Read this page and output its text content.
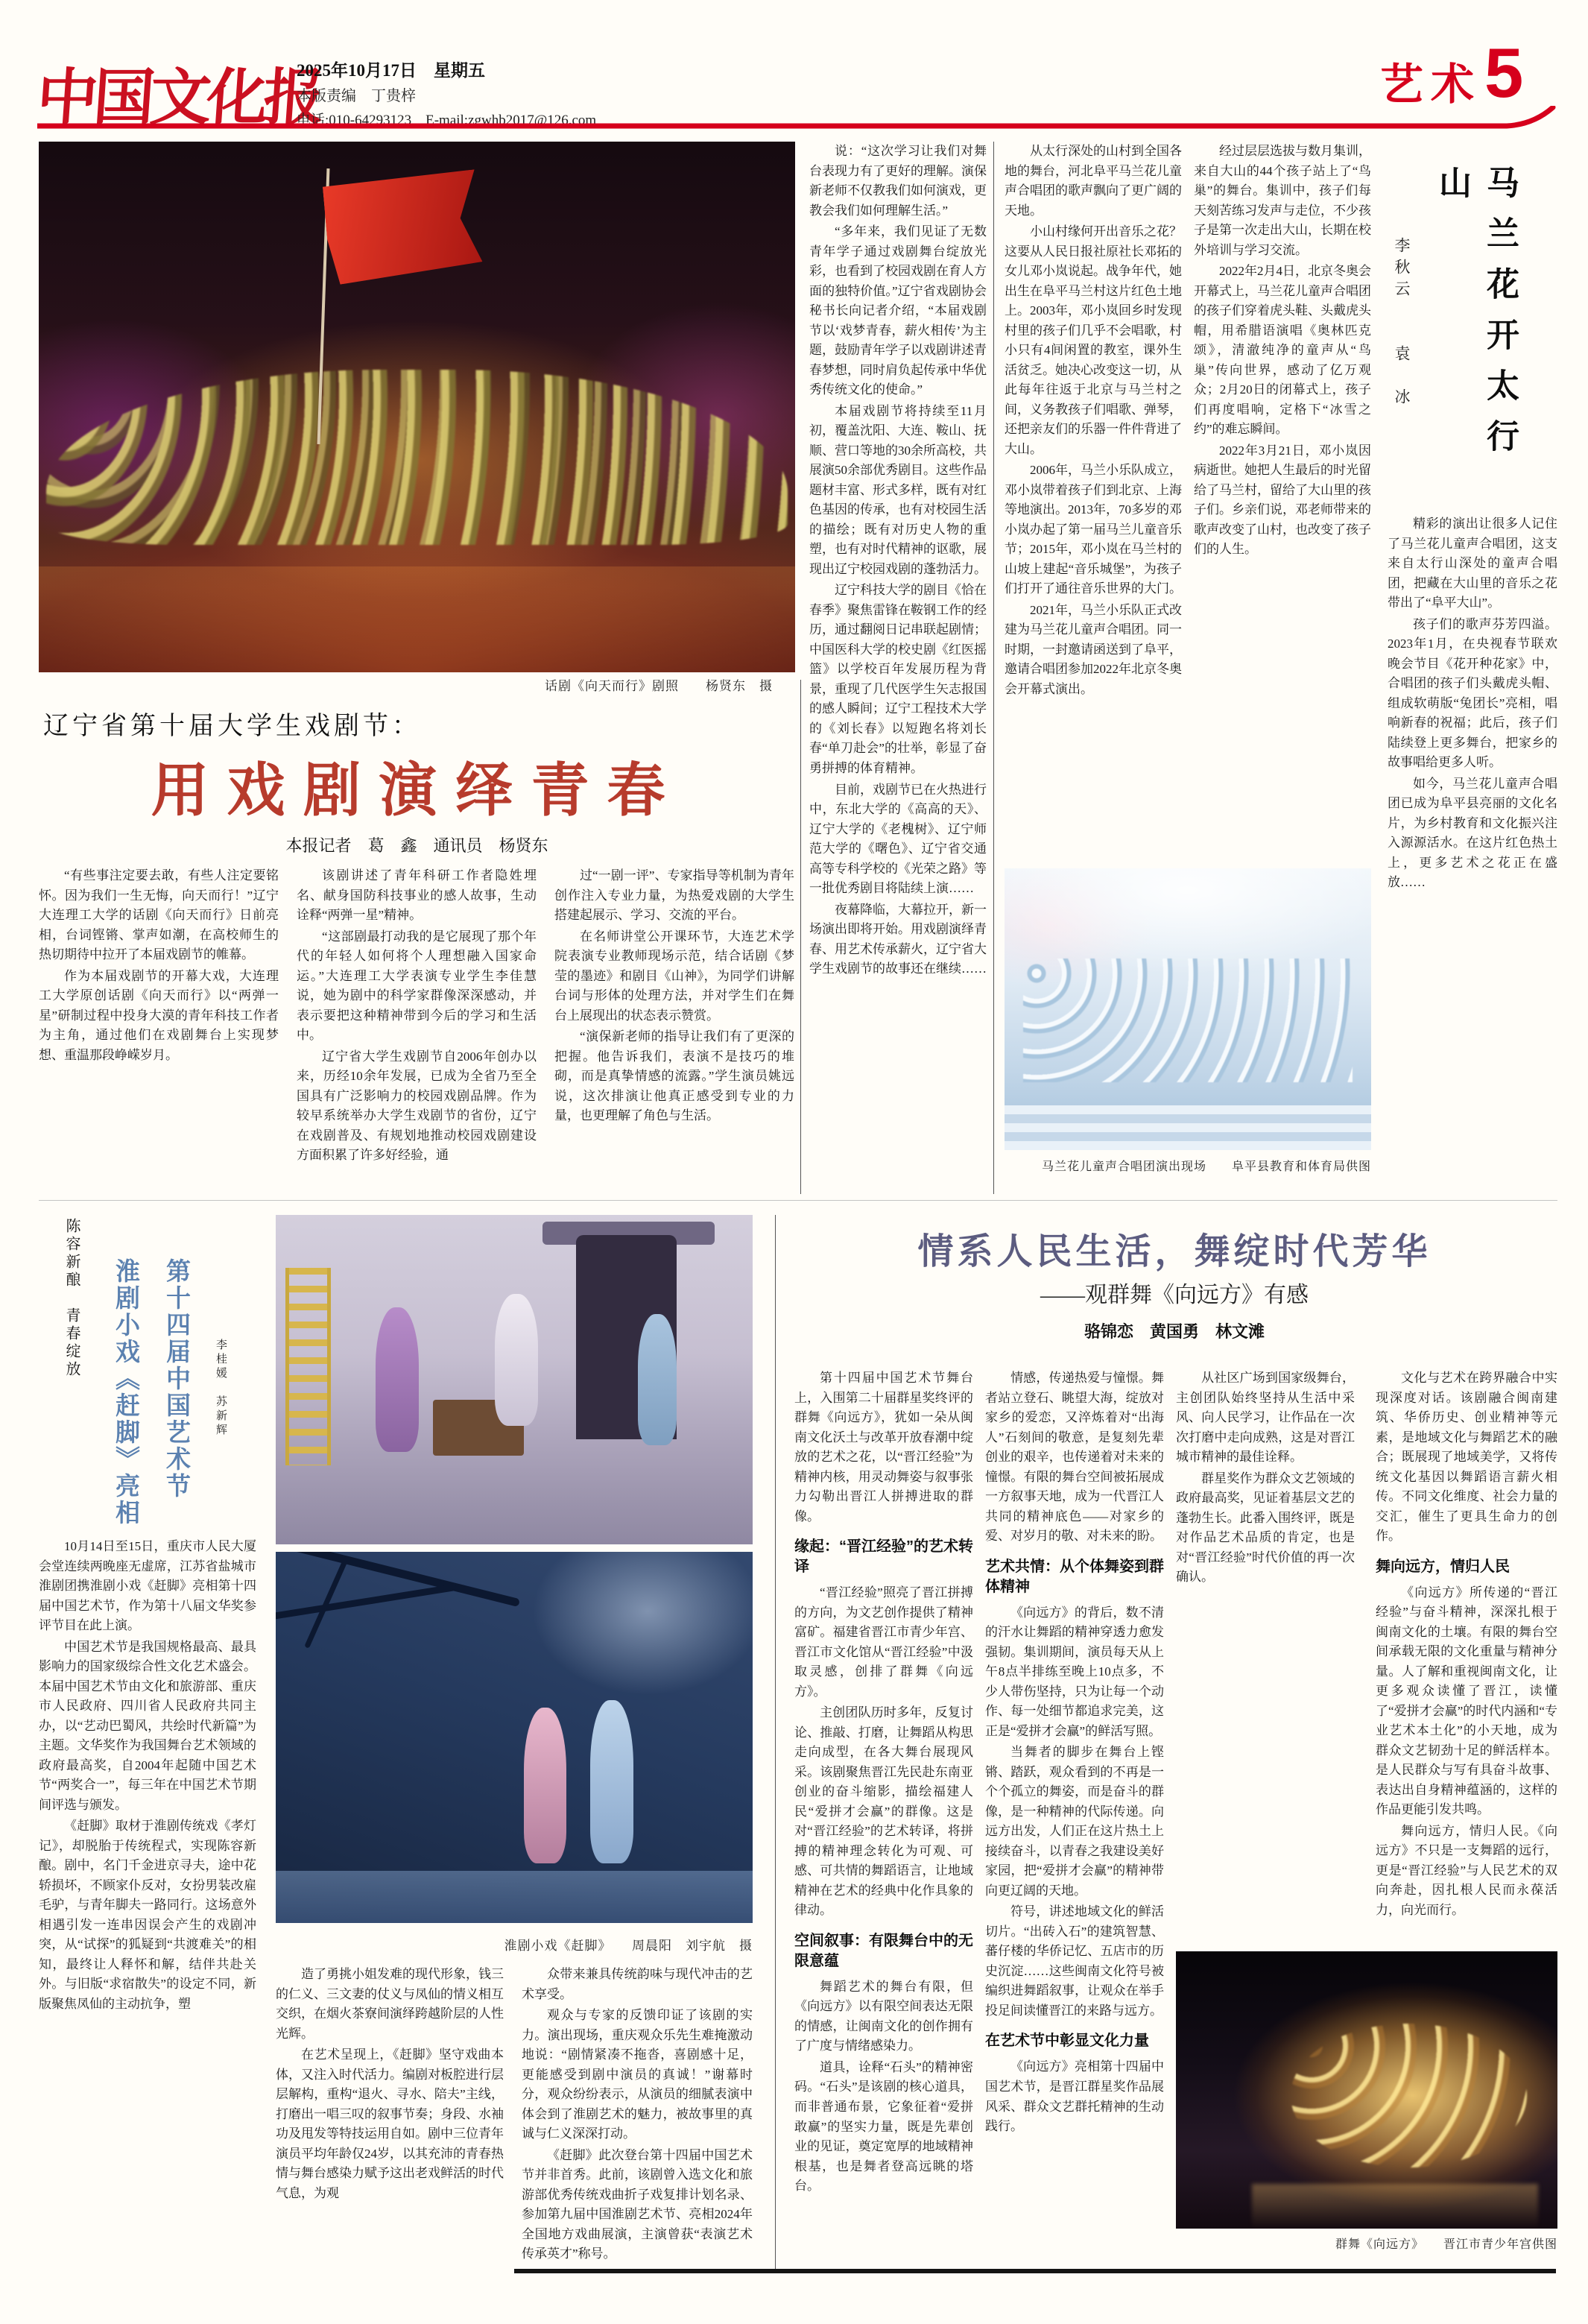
中国文化报
2025年10月17日　星期五
本版责编　丁贵梓
电话:010-64293123　E-mail:zgwhb2017@126.com
艺术 5
话剧《向天而行》剧照　　杨贤东　摄
辽宁省第十届大学生戏剧节：
用戏剧演绎青春
本报记者　葛　鑫　通讯员　杨贤东

“有些事注定要去敢，有些人注定要铭怀。因为我们一生无悔，向天而行！”辽宁大连理工大学的话剧《向天而行》日前亮相，台词铿锵、掌声如潮，在高校师生的热切期待中拉开了本届戏剧节的帷幕。

作为本届戏剧节的开幕大戏，大连理工大学原创话剧《向天而行》以“两弹一星”研制过程中投身大漠的青年科技工作者为主角，通过他们在戏剧舞台上实现梦想、重温那段峥嵘岁月。

该剧讲述了青年科研工作者隐姓埋名、献身国防科技事业的感人故事，生动诠释“两弹一星”精神。

“这部剧最打动我的是它展现了那个年代的年轻人如何将个人理想融入国家命运。”大连理工大学表演专业学生李佳慧说，她为剧中的科学家群像深深感动，并表示要把这种精神带到今后的学习和生活中。

辽宁省大学生戏剧节自2006年创办以来，历经10余年发展，已成为全省乃至全国具有广泛影响力的校园戏剧品牌。作为较早系统举办大学生戏剧节的省份，辽宁在戏剧普及、有规划地推动校园戏剧建设方面积累了许多好经验，通

过“一剧一评”、专家指导等机制为青年创作注入专业力量，为热爱戏剧的大学生搭建起展示、学习、交流的平台。

在名师讲堂公开课环节，大连艺术学院表演专业教师现场示范，结合话剧《梦莹的墨迹》和剧目《山神》，为同学们讲解台词与形体的处理方法，并对学生们在舞台上展现出的状态表示赞赏。

“演保新老师的指导让我们有了更深的把握。他告诉我们，表演不是技巧的堆砌，而是真挚情感的流露。”学生演员姚远说，这次排演让他真正感受到专业的力量，也更理解了角色与生活。

说：“这次学习让我们对舞台表现力有了更好的理解。演保新老师不仅教我们如何演戏，更教会我们如何理解生活。”

“多年来，我们见证了无数青年学子通过戏剧舞台绽放光彩，也看到了校园戏剧在育人方面的独特价值。”辽宁省戏剧协会秘书长向记者介绍，“本届戏剧节以‘戏梦青春，薪火相传’为主题，鼓励青年学子以戏剧讲述青春梦想，同时肩负起传承中华优秀传统文化的使命。”

本届戏剧节将持续至11月初，覆盖沈阳、大连、鞍山、抚顺、营口等地的30余所高校，共展演50余部优秀剧目。这些作品题材丰富、形式多样，既有对红色基因的传承，也有对校园生活的描绘；既有对历史人物的重塑，也有对时代精神的讴歌，展现出辽宁校园戏剧的蓬勃活力。

辽宁科技大学的剧目《恰在春季》聚焦雷锋在鞍钢工作的经历，通过翻阅日记串联起剧情；中国医科大学的校史剧《红医摇篮》以学校百年发展历程为背景，重现了几代医学生矢志报国的感人瞬间；辽宁工程技术大学的《刘长春》以短跑名将刘长春“单刀赴会”的壮举，彰显了奋勇拼搏的体育精神。

目前，戏剧节已在火热进行中，东北大学的《高高的天》、辽宁大学的《老槐树》、辽宁师范大学的《曙色》、辽宁省交通高等专科学校的《光荣之路》等一批优秀剧目将陆续上演……

夜幕降临，大幕拉开，新一场演出即将开始。用戏剧演绎青春、用艺术传承薪火，辽宁省大学生戏剧节的故事还在继续……

马兰花开太行山
李秋云　　袁　冰

从太行深处的山村到全国各地的舞台，河北阜平马兰花儿童声合唱团的歌声飘向了更广阔的天地。

小山村缘何开出音乐之花？这要从人民日报社原社长邓拓的女儿邓小岚说起。战争年代，她出生在阜平马兰村这片红色土地上。2003年，邓小岚回乡时发现村里的孩子们几乎不会唱歌，村小只有4间闲置的教室，课外生活贫乏。她决心改变这一切，从此每年往返于北京与马兰村之间，义务教孩子们唱歌、弹琴，还把亲友们的乐器一件件背进了大山。

2006年，马兰小乐队成立，邓小岚带着孩子们到北京、上海等地演出。2013年，70多岁的邓小岚办起了第一届马兰儿童音乐节；2015年，邓小岚在马兰村的山坡上建起“音乐城堡”，为孩子们打开了通往音乐世界的大门。

2021年，马兰小乐队正式改建为马兰花儿童声合唱团。同一时期，一封邀请函送到了阜平，邀请合唱团参加2022年北京冬奥会开幕式演出。

经过层层选拔与数月集训，来自大山的44个孩子站上了“鸟巢”的舞台。集训中，孩子们每天刻苦练习发声与走位，不少孩子是第一次走出大山，长期在校外培训与学习交流。

2022年2月4日，北京冬奥会开幕式上，马兰花儿童声合唱团的孩子们穿着虎头鞋、头戴虎头帽，用希腊语演唱《奥林匹克颂》，清澈纯净的童声从“鸟巢”传向世界，感动了亿万观众；2月20日的闭幕式上，孩子们再度唱响，定格下“冰雪之约”的难忘瞬间。

2022年3月21日，邓小岚因病逝世。她把人生最后的时光留给了马兰村，留给了大山里的孩子们。乡亲们说，邓老师带来的歌声改变了山村，也改变了孩子们的人生。

精彩的演出让很多人记住了马兰花儿童声合唱团，这支来自太行山深处的童声合唱团，把藏在大山里的音乐之花带出了“阜平大山”。

孩子们的歌声芬芳四溢。2023年1月，在央视春节联欢晚会节目《花开种花家》中，合唱团的孩子们头戴虎头帽、组成软萌版“兔团长”亮相，唱响新春的祝福；此后，孩子们陆续登上更多舞台，把家乡的故事唱给更多人听。

如今，马兰花儿童声合唱团已成为阜平县亮丽的文化名片，为乡村教育和文化振兴注入源源活水。在这片红色热土上，更多艺术之花正在盛放……

马兰花儿童声合唱团演出现场　　阜平县教育和体育局供图
陈容新酿　青春绽放	第十四届中国艺术节
淮剧小戏《赶脚》亮相	李桂媛　苏新辉
淮剧小戏《赶脚》　　周晨阳　刘宇航　摄

10月14日至15日，重庆市人民大厦会堂连续两晚座无虚席，江苏省盐城市淮剧团携淮剧小戏《赶脚》亮相第十四届中国艺术节，作为第十八届文华奖参评节目在此上演。

中国艺术节是我国规格最高、最具影响力的国家级综合性文化艺术盛会。本届中国艺术节由文化和旅游部、重庆市人民政府、四川省人民政府共同主办，以“艺动巴蜀风，共绘时代新篇”为主题。文华奖作为我国舞台艺术领域的政府最高奖，自2004年起随中国艺术节“两奖合一”，每三年在中国艺术节期间评选与颁发。

《赶脚》取材于淮剧传统戏《孝灯记》，却脱胎于传统程式，实现陈容新酿。剧中，名门千金进京寻夫，途中花轿损坏，不顾家仆反对，女扮男装改雇毛驴，与青年脚夫一路同行。这场意外相遇引发一连串因误会产生的戏剧冲突，从“试探”的狐疑到“共渡难关”的相知，最终让人释怀和解，结伴共赴关外。与旧版“求宿散失”的设定不同，新版聚焦凤仙的主动抗争，塑

造了勇挑小姐发难的现代形象，钱三的仁义、三文妻的仗义与凤仙的情义相互交织，在烟火茶寮间演绎跨越阶层的人性光辉。

在艺术呈现上，《赶脚》坚守戏曲本体，又注入时代活力。编剧对板腔进行层层解构，重构“退火、寻水、陪夫”主线，打磨出一唱三叹的叙事节奏；身段、水袖功及甩发等特技运用自如。剧中三位青年演员平均年龄仅24岁，以其充沛的青春热情与舞台感染力赋予这出老戏鲜活的时代气息，为观

众带来兼具传统韵味与现代冲击的艺术享受。

观众与专家的反馈印证了该剧的实力。演出现场，重庆观众乐先生难掩激动地说：“剧情紧凑不拖沓，喜剧感十足，更能感受到剧中演员的真诚！”谢幕时分，观众纷纷表示，从演员的细腻表演中体会到了淮剧艺术的魅力，被故事里的真诚与仁义深深打动。

《赶脚》此次登台第十四届中国艺术节并非首秀。此前，该剧曾入选文化和旅游部优秀传统戏曲折子戏复排计划名录、参加第九届中国淮剧艺术节、亮相2024年全国地方戏曲展演，主演曾获“表演艺术传承英才”称号。

情系人民生活，舞绽时代芳华
——观群舞《向远方》有感
骆锦恋　黄国勇　林文滩

第十四届中国艺术节舞台上，入围第二十届群星奖终评的群舞《向远方》，犹如一朵从闽南文化沃土与改革开放春潮中绽放的艺术之花，以“晋江经验”为精神内核，用灵动舞姿与叙事张力勾勒出晋江人拼搏进取的群像。

缘起：“晋江经验”的艺术转译

“晋江经验”照亮了晋江拼搏的方向，为文艺创作提供了精神富矿。福建省晋江市青少年宫、晋江市文化馆从“晋江经验”中汲取灵感，创排了群舞《向远方》。

主创团队历时多年，反复讨论、推敲、打磨，让舞蹈从构思走向成型，在各大舞台展现风采。该剧聚焦晋江先民赴东南亚创业的奋斗缩影，描绘福建人民“爱拼才会赢”的群像。这是对“晋江经验”的艺术转译，将拼搏的精神理念转化为可观、可感、可共情的舞蹈语言，让地域精神在艺术的经典中化作具象的律动。

空间叙事：有限舞台中的无限意蕴

舞蹈艺术的舞台有限，但《向远方》以有限空间表达无限的情感，让闽南文化的创作拥有了广度与情绪感染力。

道具，诠释“石头”的精神密码。“石头”是该剧的核心道具，而非普通布景，它象征着“爱拼敢赢”的坚实力量，既是先辈创业的见证，奠定宽厚的地域精神根基，也是舞者登高远眺的塔台。

情感，传递热爱与憧憬。舞者站立登石、眺望大海，绽放对家乡的爱恋，又淬炼着对“出海人”石刻间的敬意，是复刻先辈创业的艰辛，也传递着对未来的憧憬。有限的舞台空间被拓展成一方叙事天地，成为一代晋江人共同的精神底色——对家乡的爱、对岁月的敬、对未来的盼。

艺术共情：从个体舞姿到群体精神

《向远方》的背后，数不清的汗水让舞蹈的精神穿透力愈发强韧。集训期间，演员每天从上午8点半排练至晚上10点多，不少人带伤坚持，只为让每一个动作、每一处细节都追求完美，这正是“爱拼才会赢”的鲜活写照。

当舞者的脚步在舞台上铿锵、踏跃，观众看到的不再是一个个孤立的舞姿，而是奋斗的群像，是一种精神的代际传递。向远方出发，人们正在这片热土上接续奋斗，以青春之我建设美好家园，把“爱拼才会赢”的精神带向更辽阔的天地。

符号，讲述地域文化的鲜活切片。“出砖入石”的建筑智慧、蕃仔楼的华侨记忆、五店市的历史沉淀……这些闽南文化符号被编织进舞蹈叙事，让观众在举手投足间读懂晋江的来路与远方。

在艺术节中彰显文化力量

《向远方》亮相第十四届中国艺术节，是晋江群星奖作品展风采、群众文艺群托精神的生动践行。

从社区广场到国家级舞台，主创团队始终坚持从生活中采风、向人民学习，让作品在一次次打磨中走向成熟，这是对晋江城市精神的最佳诠释。

群星奖作为群众文艺领域的政府最高奖，见证着基层文艺的蓬勃生长。此番入围终评，既是对作品艺术品质的肯定，也是对“晋江经验”时代价值的再一次确认。

文化与艺术在跨界融合中实现深度对话。该剧融合闽南建筑、华侨历史、创业精神等元素，是地域文化与舞蹈艺术的融合；既展现了地域美学，又将传统文化基因以舞蹈语言薪火相传。不同文化维度、社会力量的交汇，催生了更具生命力的创作。

舞向远方，情归人民

《向远方》所传递的“晋江经验”与奋斗精神，深深扎根于闽南文化的土壤。有限的舞台空间承载无限的文化重量与精神分量。人了解和重视闽南文化，让更多观众读懂了晋江，读懂了“爱拼才会赢”的时代内涵和“专业艺术本土化”的小天地，成为群众文艺韧劲十足的鲜活样本。是人民群众与写有具奋斗故事、表达出自身精神蕴涵的，这样的作品更能引发共鸣。

舞向远方，情归人民。《向远方》不只是一支舞蹈的远行，更是“晋江经验”与人民艺术的双向奔赴，因扎根人民而永葆活力，向光而行。

群舞《向远方》　　晋江市青少年宫供图
